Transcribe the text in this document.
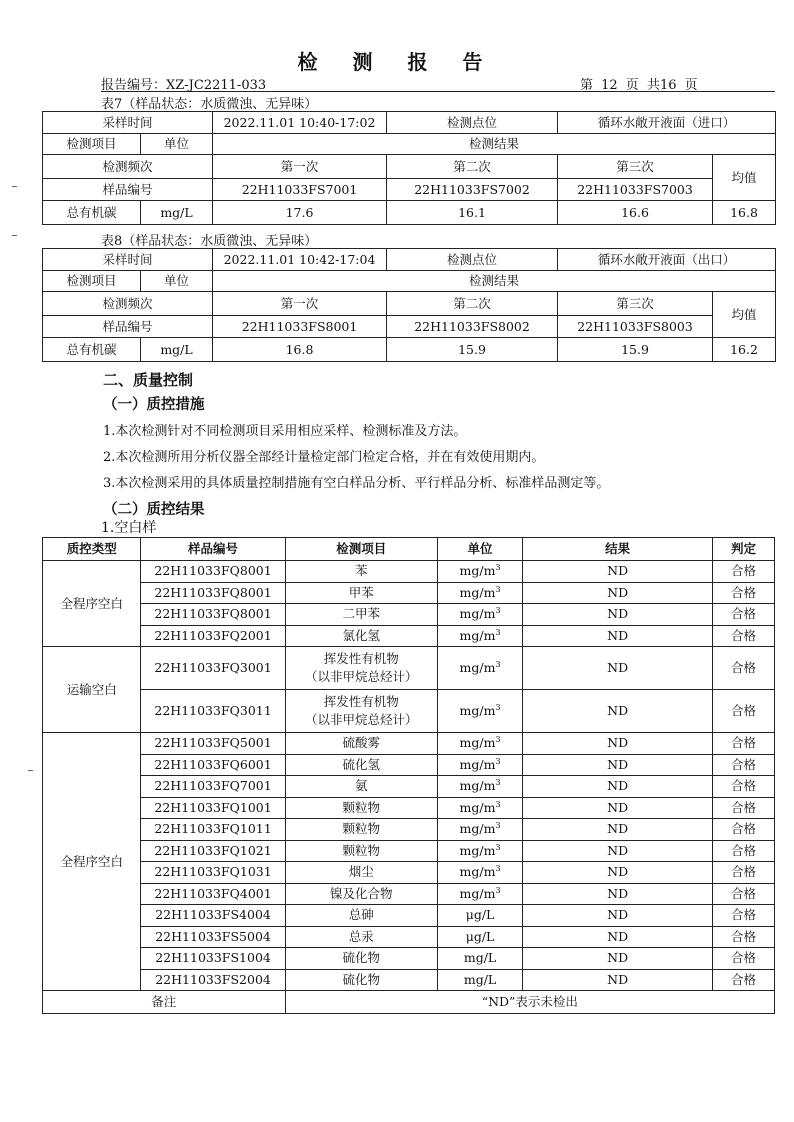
检 测 报 告
报告编号：XZ-JC2211-033	第 12 页 共16 页
表7（样品状态：水质微浊、无异味）
采样时间		2022.11.01 10:40-17:02	检测点位	循环水敞开液面（进口）	
检测项目	单位	检测结果			
检测频次		第一次	第二次	第三次	均值
样品编号		22H11033FS7001	22H11033FS7002	22H11033FS7003	
总有机碳	mg/L	17.6	16.1	16.6	16.8
表8（样品状态：水质微浊、无异味）
采样时间		2022.11.01 10:42-17:04	检测点位	循环水敞开液面（出口）	
检测项目	单位	检测结果			
检测频次		第一次	第二次	第三次	均值
样品编号		22H11033FS8001	22H11033FS8002	22H11033FS8003	
总有机碳	mg/L	16.8	15.9	15.9	16.2
二、质量控制
（一）质控措施
1.本次检测针对不同检测项目采用相应采样、检测标准及方法。
2.本次检测所用分析仪器全部经计量检定部门检定合格，并在有效使用期内。
3.本次检测采用的具体质量控制措施有空白样品分析、平行样品分析、标准样品测定等。
（二）质控结果
1.空白样
质控类型	样品编号	检测项目	单位	结果	判定
全程序空白	22H11033FQ8001	苯	$mg/m^3$	ND	合格
	22H11033FQ8001	甲苯	$mg/m^3$	ND	合格
	22H11033FQ8001	二甲苯	$mg/m^3$	ND	合格
	22H11033FQ2001	氯化氢	$mg/m^3$	ND	合格
运输空白	22H11033FQ3001	挥发性有机物
（以非甲烷总烃计）	$mg/m^3$	ND	合格
	22H11033FQ3011	挥发性有机物
（以非甲烷总烃计）	$mg/m^3$	ND	合格
全程序空白	22H11033FQ5001	硫酸雾	$mg/m^3$	ND	合格
	22H11033FQ6001	硫化氢	$mg/m^3$	ND	合格
	22H11033FQ7001	氨	$mg/m^3$	ND	合格
	22H11033FQ1001	颗粒物	$mg/m^3$	ND	合格
	22H11033FQ1011	颗粒物	$mg/m^3$	ND	合格
	22H11033FQ1021	颗粒物	$mg/m^3$	ND	合格
	22H11033FQ1031	烟尘	$mg/m^3$	ND	合格
	22H11033FQ4001	镍及化合物	$mg/m^3$	ND	合格
	22H11033FS4004	总砷	μg/L	ND	合格
	22H11033FS5004	总汞	μg/L	ND	合格
	22H11033FS1004	硫化物	mg/L	ND	合格
	22H11033FS2004	硫化物	mg/L	ND	合格
备注		“ND”表示未检出			
